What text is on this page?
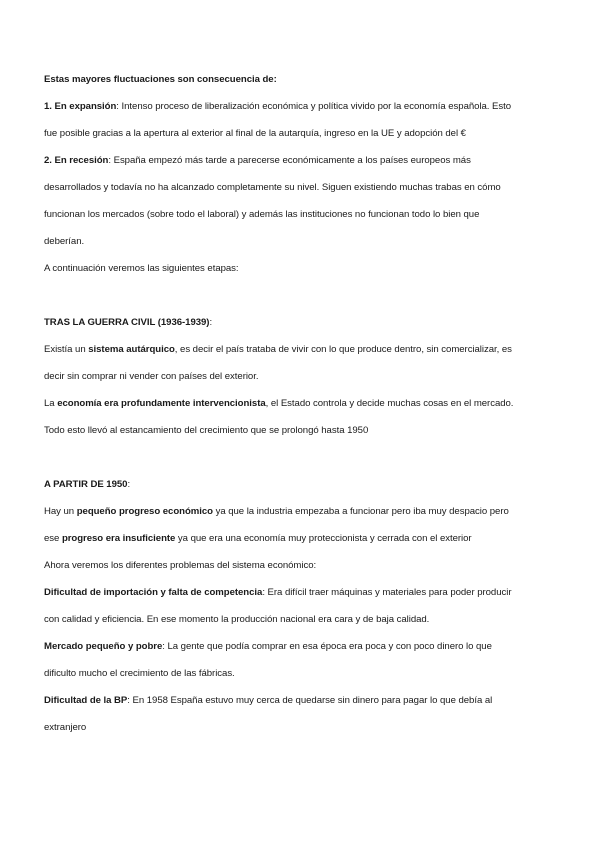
Estas mayores fluctuaciones son consecuencia de:
1. En expansión: Intenso proceso de liberalización económica y política vivido por la economía española. Esto
fue posible gracias a la apertura al exterior al final de la autarquía, ingreso en la UE y adopción del €
2. En recesión: España empezó más tarde a parecerse económicamente a los países europeos más
desarrollados y todavía no ha alcanzado completamente su nivel. Siguen existiendo muchas trabas en cómo
funcionan los mercados (sobre todo el laboral) y además las instituciones no funcionan todo lo bien que
deberían.
A continuación veremos las siguientes etapas:
TRAS LA GUERRA CIVIL (1936-1939):
Existía un sistema autárquico, es decir el país trataba de vivir con lo que produce dentro, sin comercializar, es
decir sin comprar ni vender con países del exterior.
La economía era profundamente intervencionista, el Estado controla y decide muchas cosas en el mercado.
Todo esto llevó al estancamiento del crecimiento que se prolongó hasta 1950
A PARTIR DE 1950:
Hay un pequeño progreso económico ya que la industria empezaba a funcionar pero iba muy despacio pero
ese progreso era insuficiente ya que era una economía muy proteccionista y cerrada con el exterior
Ahora veremos los diferentes problemas del sistema económico:
Dificultad de importación y falta de competencia: Era difícil traer máquinas y materiales para poder producir
con calidad y eficiencia. En ese momento la producción nacional era cara y de baja calidad.
Mercado pequeño y pobre: La gente que podía comprar en esa época era poca y con poco dinero lo que
dificulto mucho el crecimiento de las fábricas.
Dificultad de la BP: En 1958 España estuvo muy cerca de quedarse sin dinero para pagar lo que debía al
extranjero
